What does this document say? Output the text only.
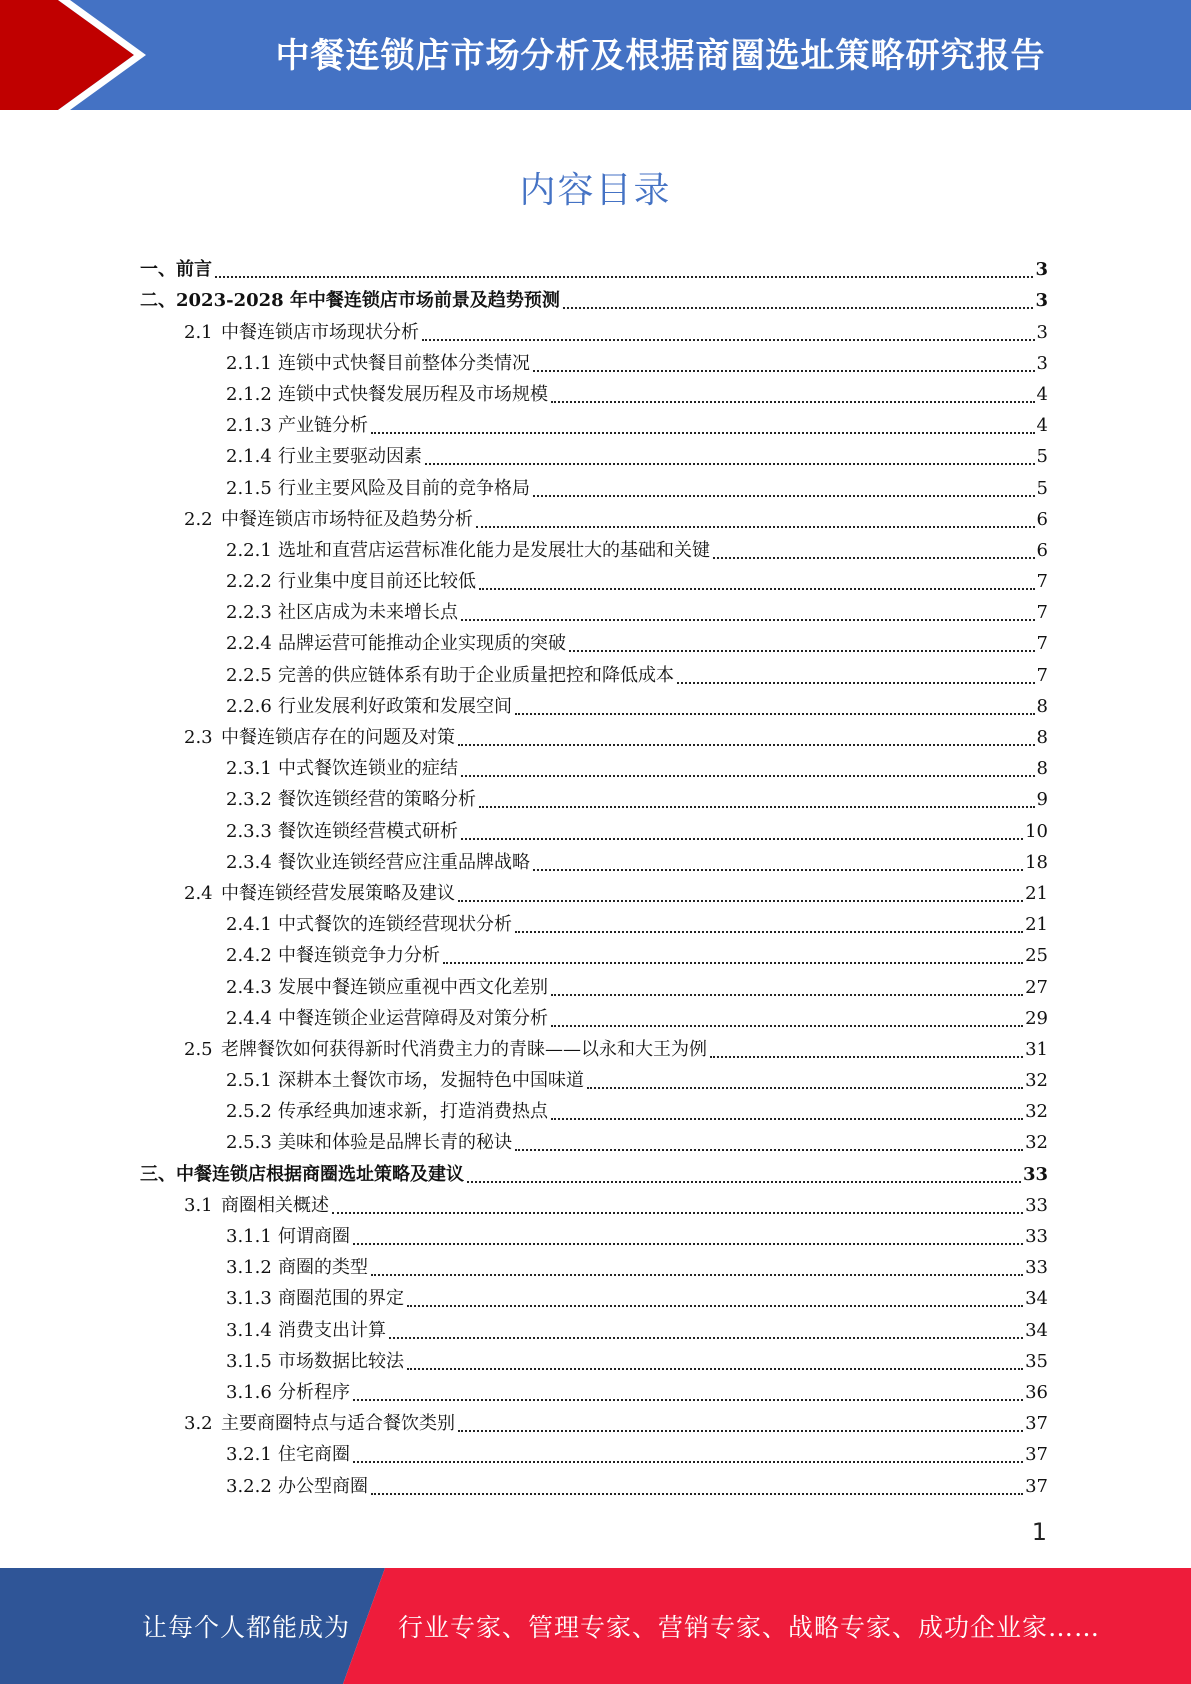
中餐连锁店市场分析及根据商圈选址策略研究报告
内容目录
一、前言	3
二、2023-2028 年中餐连锁店市场前景及趋势预测	3
2.1 中餐连锁店市场现状分析	3
2.1.1 连锁中式快餐目前整体分类情况	3
2.1.2 连锁中式快餐发展历程及市场规模	4
2.1.3 产业链分析	4
2.1.4 行业主要驱动因素	5
2.1.5 行业主要风险及目前的竞争格局	5
2.2 中餐连锁店市场特征及趋势分析	6
2.2.1 选址和直营店运营标准化能力是发展壮大的基础和关键	6
2.2.2 行业集中度目前还比较低	7
2.2.3 社区店成为未来增长点	7
2.2.4 品牌运营可能推动企业实现质的突破	7
2.2.5 完善的供应链体系有助于企业质量把控和降低成本	7
2.2.6 行业发展利好政策和发展空间	8
2.3 中餐连锁店存在的问题及对策	8
2.3.1 中式餐饮连锁业的症结	8
2.3.2 餐饮连锁经营的策略分析	9
2.3.3 餐饮连锁经营模式研析	10
2.3.4 餐饮业连锁经营应注重品牌战略	18
2.4 中餐连锁经营发展策略及建议	21
2.4.1 中式餐饮的连锁经营现状分析	21
2.4.2 中餐连锁竞争力分析	25
2.4.3 发展中餐连锁应重视中西文化差别	27
2.4.4 中餐连锁企业运营障碍及对策分析	29
2.5 老牌餐饮如何获得新时代消费主力的青睐——以永和大王为例	31
2.5.1 深耕本土餐饮市场，发掘特色中国味道	32
2.5.2 传承经典加速求新，打造消费热点	32
2.5.3 美味和体验是品牌长青的秘诀	32
三、中餐连锁店根据商圈选址策略及建议	33
3.1 商圈相关概述	33
3.1.1 何谓商圈	33
3.1.2 商圈的类型	33
3.1.3 商圈范围的界定	34
3.1.4 消费支出计算	34
3.1.5 市场数据比较法	35
3.1.6 分析程序	36
3.2 主要商圈特点与适合餐饮类别	37
3.2.1 住宅商圈	37
3.2.2 办公型商圈	37
1
让每个人都能成为 行业专家、管理专家、营销专家、战略专家、成功企业家……
